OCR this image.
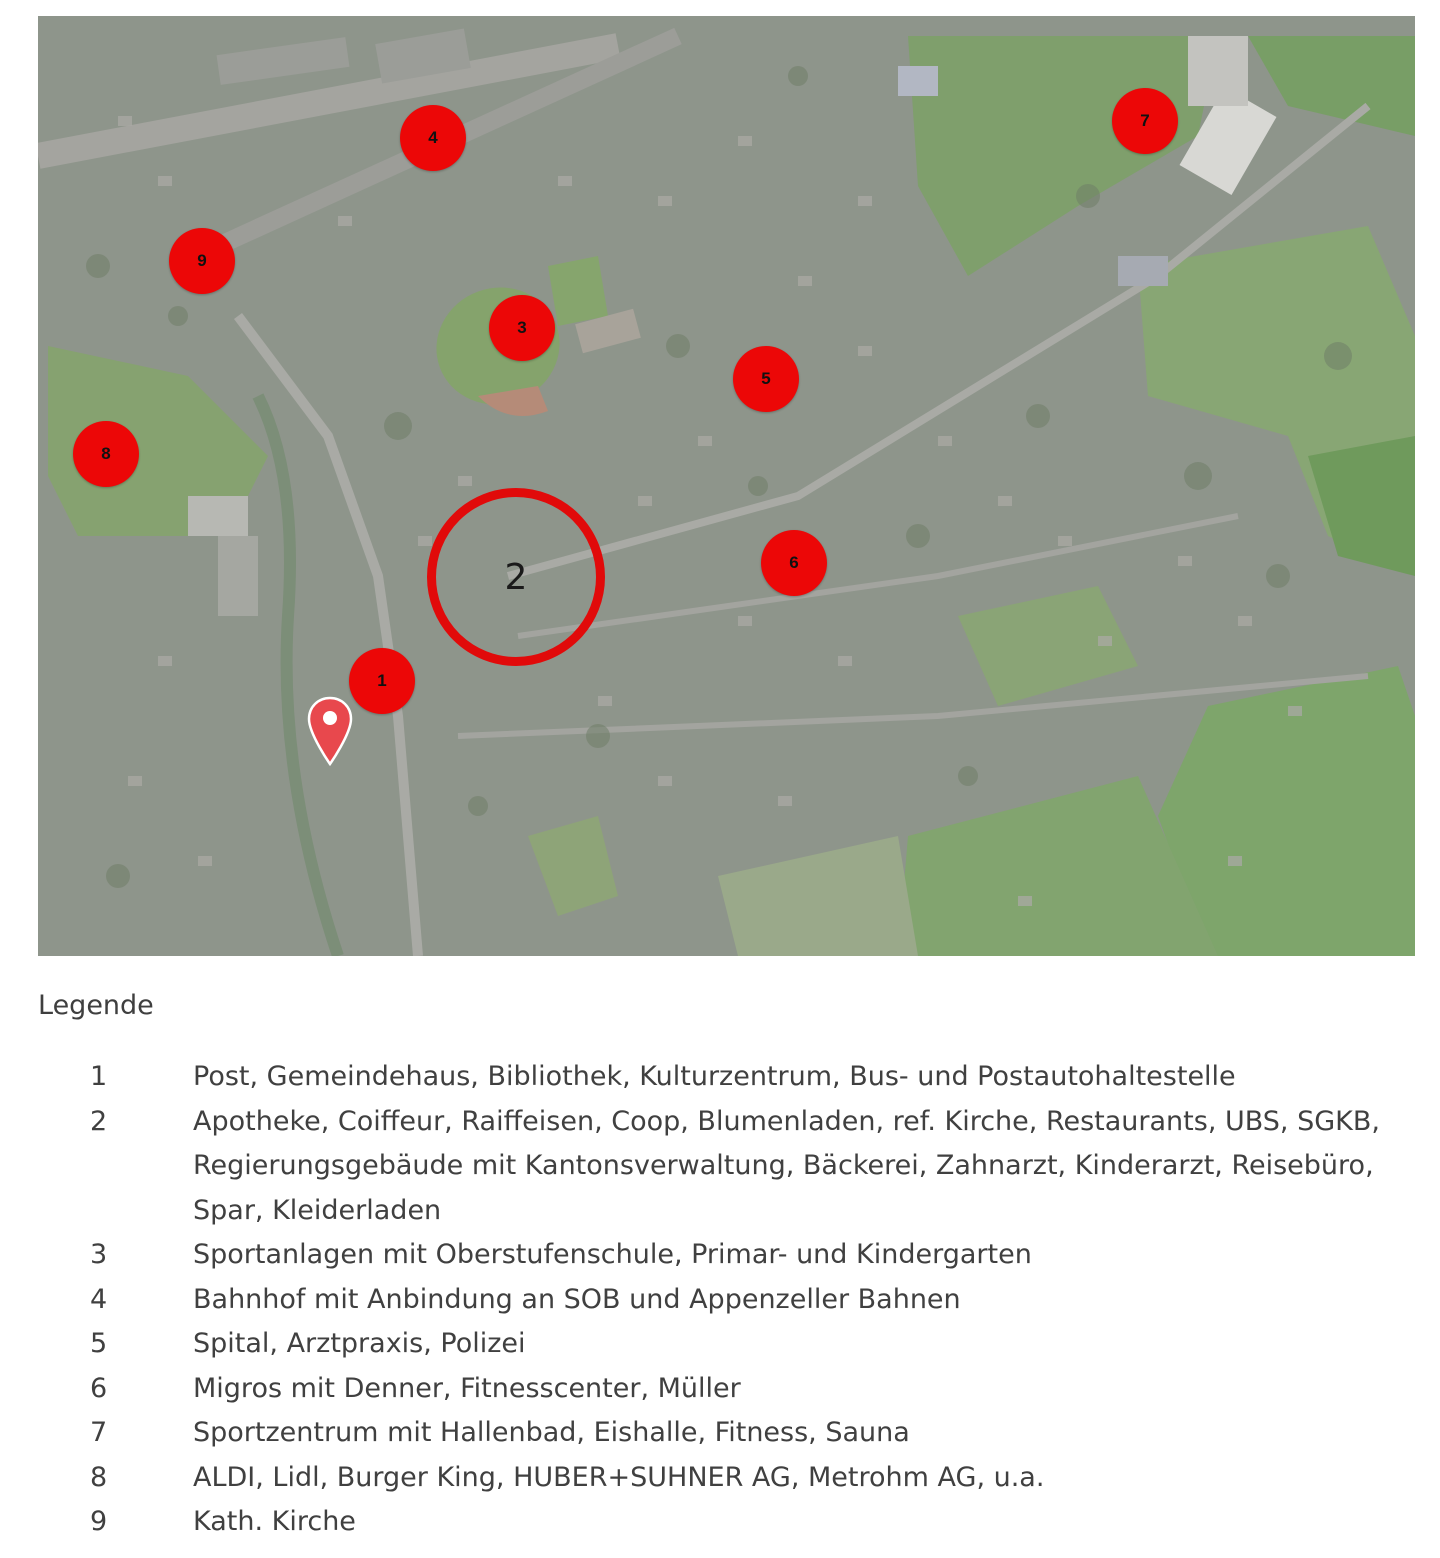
1
2
3
4
5
6
7
8
9
Legende
1	Post, Gemeindehaus, Bibliothek, Kulturzentrum, Bus- und Postautohaltestelle
2	Apotheke, Coiffeur, Raiffeisen, Coop, Blumenladen, ref. Kirche, Restaurants, UBS, SGKB, Regierungsgebäude mit Kantonsverwaltung, Bäckerei, Zahnarzt, Kinderarzt, Reisebüro, Spar, Kleiderladen
3	Sportanlagen mit Oberstufenschule, Primar- und Kindergarten
4	Bahnhof mit Anbindung an SOB und Appenzeller Bahnen
5	Spital, Arztpraxis, Polizei
6	Migros mit Denner, Fitnesscenter, Müller
7	Sportzentrum mit Hallenbad, Eishalle, Fitness, Sauna
8	ALDI, Lidl, Burger King, HUBER+SUHNER AG, Metrohm AG, u.a.
9	Kath. Kirche
